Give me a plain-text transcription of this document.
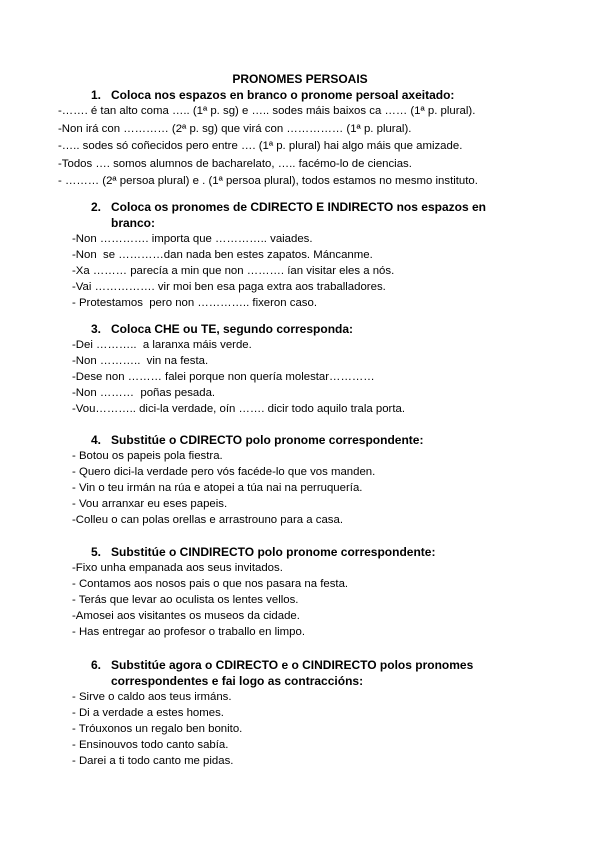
PRONOMES PERSOAIS
1. Coloca nos espazos en branco o pronome persoal axeitado:
-……. é tan alto coma ….. (1ª p. sg) e ….. sodes máis baixos ca …… (1ª p. plural).
-Non irá con ………… (2ª p. sg) que virá con …………… (1ª p. plural).
-….. sodes só coñecidos pero entre …. (1ª p. plural) hai algo máis que amizade.
-Todos …. somos alumnos de bacharelato, ….. facémo-lo de ciencias.
- ……… (2ª persoa plural) e . (1ª persoa plural), todos estamos no mesmo instituto.
2. Coloca os pronomes de CDIRECTO E INDIRECTO nos espazos en branco:
-Non …………. importa que ………….. vaiades.
-Non  se …………dan nada ben estes zapatos. Máncanme.
-Xa ……… parecía a min que non ………. ían visitar eles a nós.
-Vai ……………. vir moi ben esa paga extra aos traballadores.
- Protestamos  pero non ………….. fixeron caso.
3. Coloca CHE ou TE, segundo corresponda:
-Dei ………..  a laranxa máis verde.
-Non ………..  vin na festa.
-Dese non ……… falei porque non quería molestar…………
-Non ………  poñas pesada.
-Vou……….. dici-la verdade, oín ……. dicir todo aquilo trala porta.
4. Substitúe o CDIRECTO polo pronome correspondente:
- Botou os papeis pola fiestra.
- Quero dici-la verdade pero vós facéde-lo que vos manden.
- Vin o teu irmán na rúa e atopei a túa nai na perruquería.
- Vou arranxar eu eses papeis.
-Colleu o can polas orellas e arrastrouno para a casa.
5. Substitúe o CINDIRECTO polo pronome correspondente:
-Fixo unha empanada aos seus invitados.
- Contamos aos nosos pais o que nos pasara na festa.
- Terás que levar ao oculista os lentes vellos.
-Amosei aos visitantes os museos da cidade.
- Has entregar ao profesor o traballo en limpo.
6. Substitúe agora o CDIRECTO e o CINDIRECTO polos pronomes correspondentes e fai logo as contraccións:
- Sirve o caldo aos teus irmáns.
- Di a verdade a estes homes.
- Tróuxonos un regalo ben bonito.
- Ensinouvos todo canto sabía.
- Darei a ti todo canto me pidas.
